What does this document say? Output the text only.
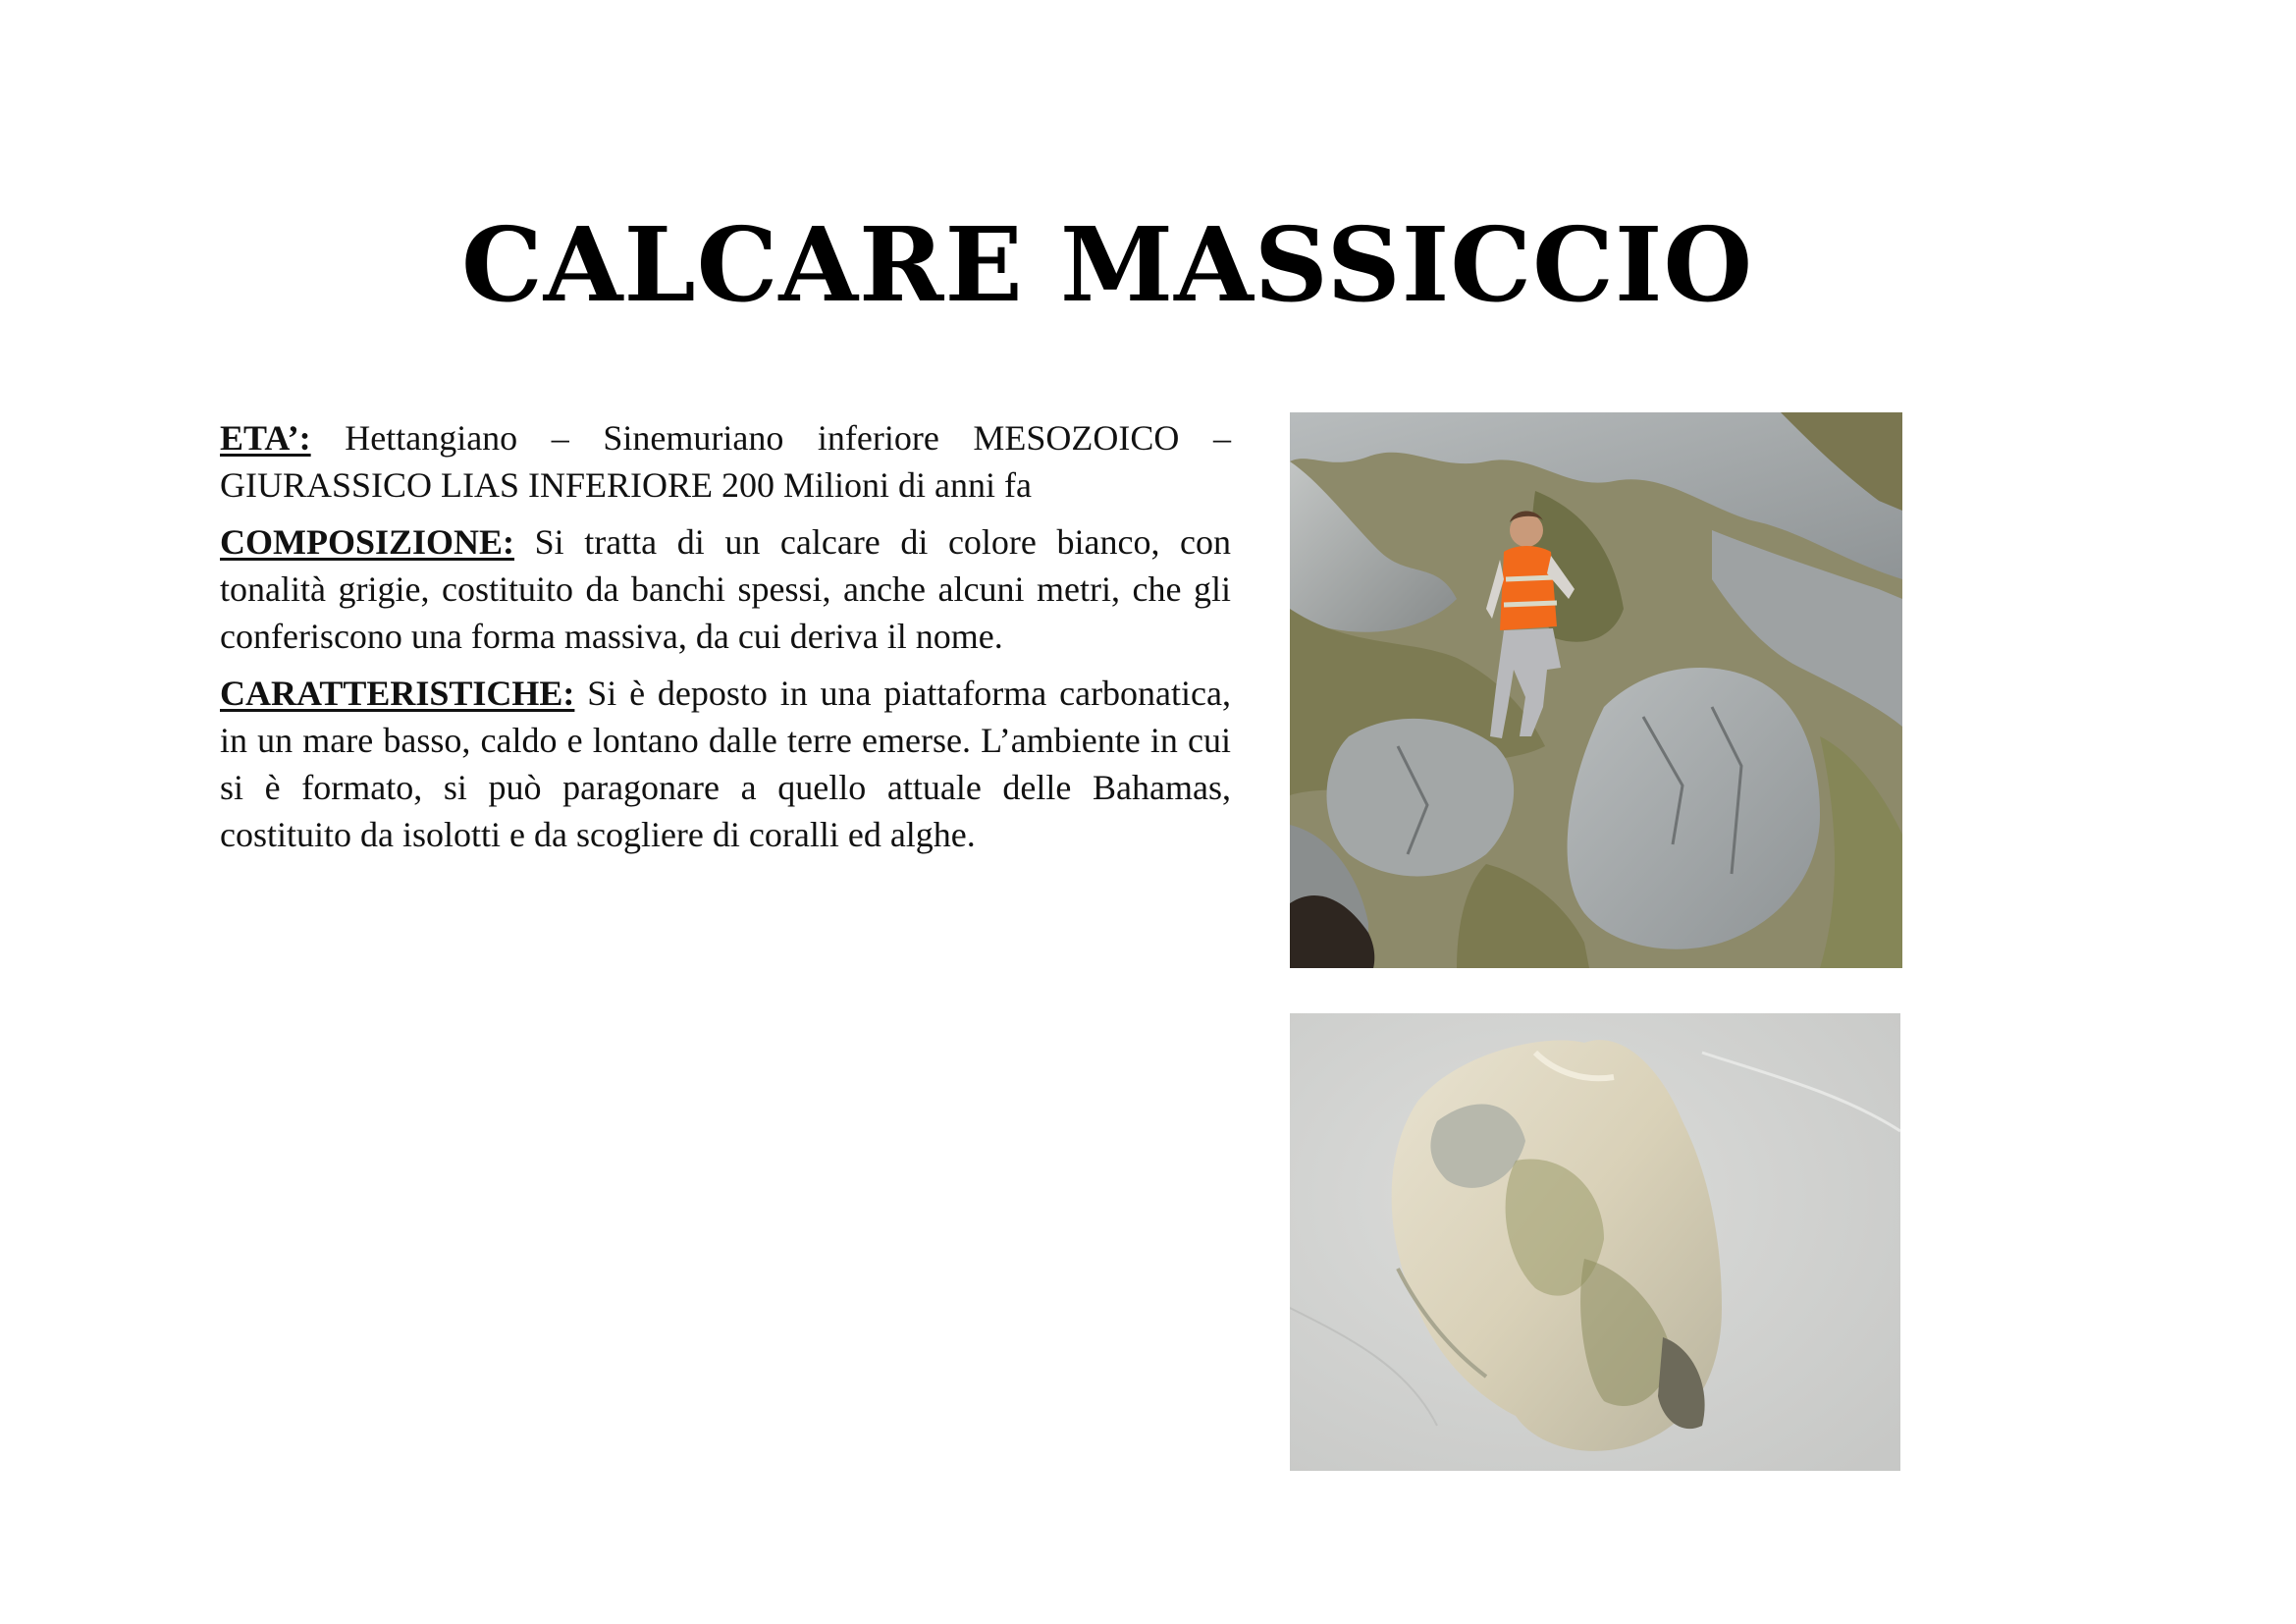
CALCARE MASSICCIO

ETA’: Hettangiano – Sinemuriano inferiore MESOZOICO – GIURASSICO LIAS INFERIORE 200 Milioni di anni fa

COMPOSIZIONE: Si tratta di un calcare di colore bianco, con tonalità grigie, costituito da banchi spessi, anche alcuni metri, che gli conferiscono una forma massiva, da cui deriva il nome.

CARATTERISTICHE: Si è deposto in una piattaforma carbonatica, in un mare basso, caldo e lontano dalle terre emerse. L’ambiente in cui si è formato, si può paragonare a quello attuale delle Bahamas, costituito da isolotti e da scogliere di coralli ed alghe.
